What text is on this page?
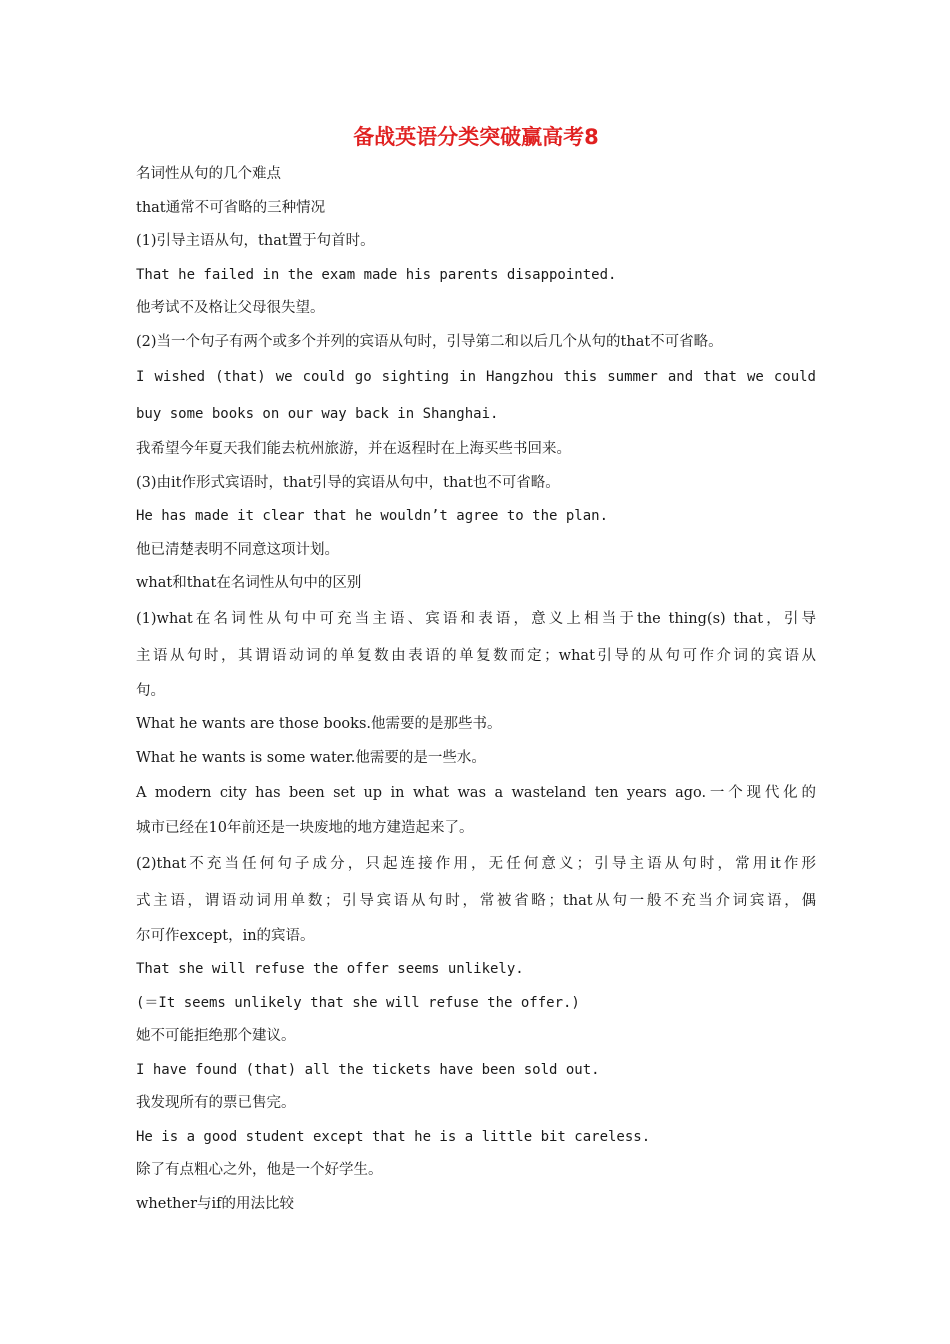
备战英语分类突破赢高考8
名词性从句的几个难点
that通常不可省略的三种情况
(1)引导主语从句，that置于句首时。
That he failed in the exam made his parents disappointed.
他考试不及格让父母很失望。
(2)当一个句子有两个或多个并列的宾语从句时，引导第二和以后几个从句的that不可省略。
I wished (that) we could go sighting in Hangzhou this summer and that we could
buy some books on our way back in Shanghai.
我希望今年夏天我们能去杭州旅游，并在返程时在上海买些书回来。
(3)由it作形式宾语时，that引导的宾语从句中，that也不可省略。
He has made it clear that he wouldn’t agree to the plan.
他已清楚表明不同意这项计划。
what和that在名词性从句中的区别
(1)what在名词性从句中可充当主语、宾语和表语，意义上相当于the thing(s) that，引导
主语从句时，其谓语动词的单复数由表语的单复数而定；what引导的从句可作介词的宾语从
句。
What he wants are those books.他需要的是那些书。
What he wants is some water.他需要的是一些水。
A modern city has been set up in what was a wasteland ten years ago.一个现代化的
城市已经在10年前还是一块废地的地方建造起来了。
(2)that不充当任何句子成分，只起连接作用，无任何意义；引导主语从句时，常用it作形
式主语，谓语动词用单数；引导宾语从句时，常被省略；that从句一般不充当介词宾语，偶
尔可作except，in的宾语。
That she will refuse the offer seems unlikely.
(＝It seems unlikely that she will refuse the offer.)
她不可能拒绝那个建议。
I have found (that) all the tickets have been sold out.
我发现所有的票已售完。
He is a good student except that he is a little bit careless.
除了有点粗心之外，他是一个好学生。
whether与if的用法比较
